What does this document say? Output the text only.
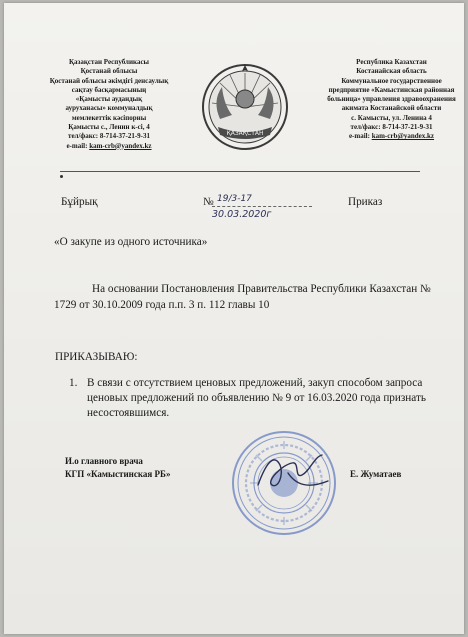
Қазақстан Республикасы
Қостанай облысы
Қостанай облысы әкімдігі денсаулық
сақтау басқармасының
«Қамысты аудандық
ауруханасы» коммуналдық
мемлекеттік кәсіпорны
Қамысты с., Ленин к-сі, 4
тел/факс: 8-714-37-21-9-31
e-mail: kam-crb@yandex.kz
ҚАЗАҚСТАН
Республика Казахстан
Костанайская область
Коммунальное государственное
предприятие «Камыстинская районная
больница» управления здравоохранения
акимата Костанайской области
с. Камысты, ул. Ленина 4
тел/факс: 8-714-37-21-9-31
e-mail: kam-crb@yandex.kz
Бұйрық	№ 19/3-17
30.03.2020г
Приказ
«О закупе из одного источника»
На основании Постановления Правительства Республики Казахстан №
1729 от 30.10.2009 года п.п. 3 п. 112 главы 10
ПРИКАЗЫВАЮ:
1. В связи с отсутствием ценовых предложений, закуп способом запроса
ценовых предложений по объявлению № 9 от 16.03.2020 года признать
несостоявшимся.
И.о главного врача
КГП «Камыстинская РБ»	Е. Жуматаев
